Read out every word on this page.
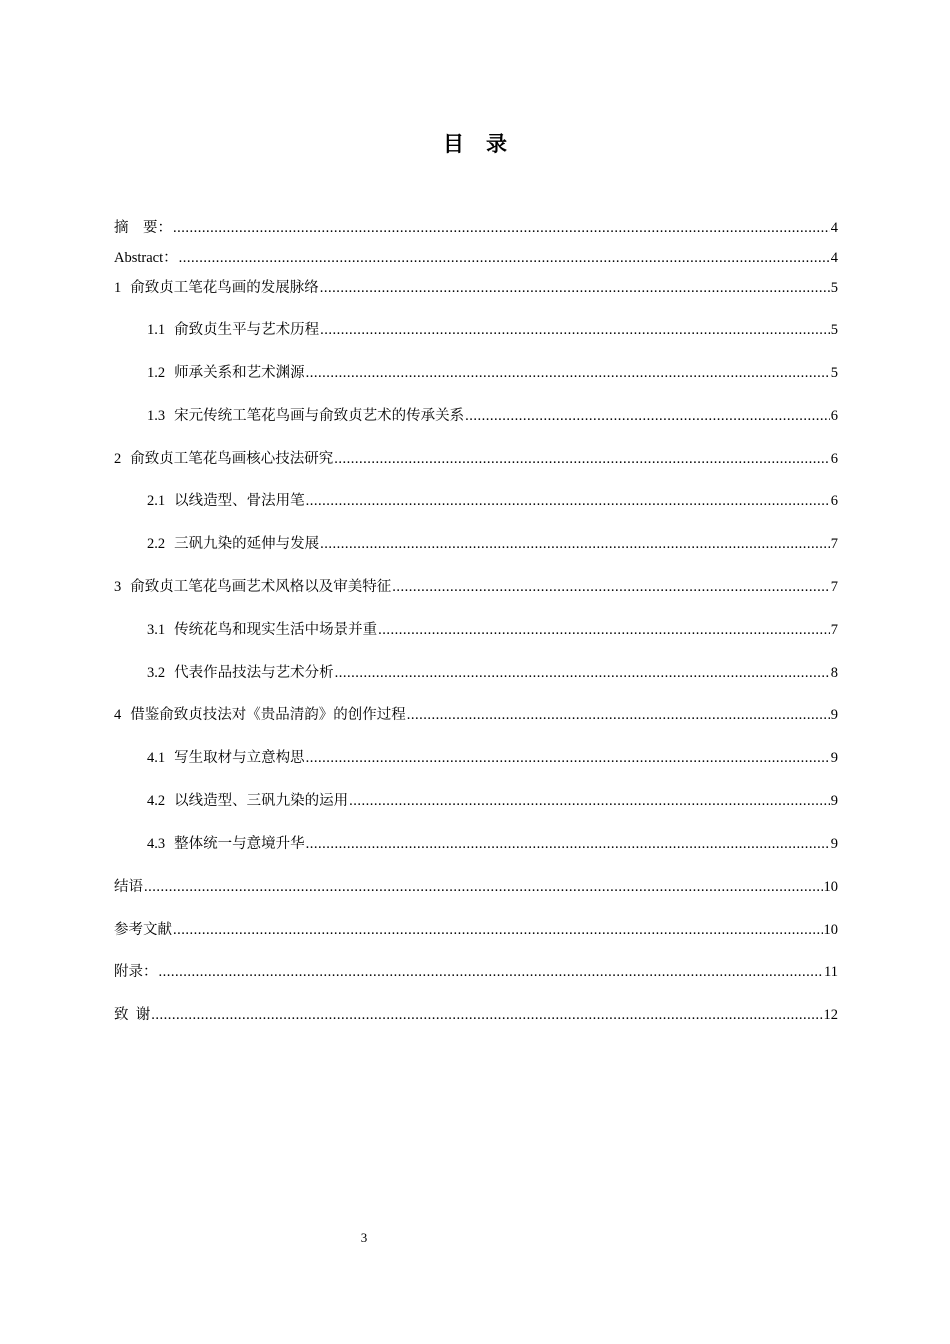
目录
摘　要： .....	4
Abstract： .....	4
1 俞致贞工笔花鸟画的发展脉络 .....	5
1.1 俞致贞生平与艺术历程 .....	5
1.2 师承关系和艺术渊源 .....	5
1.3 宋元传统工笔花鸟画与俞致贞艺术的传承关系 .....	6
2 俞致贞工笔花鸟画核心技法研究 .....	6
2.1 以线造型、骨法用笔 .....	6
2.2 三矾九染的延伸与发展 .....	7
3 俞致贞工笔花鸟画艺术风格以及审美特征 .....	7
3.1 传统花鸟和现实生活中场景并重 .....	7
3.2 代表作品技法与艺术分析 .....	8
4 借鉴俞致贞技法对《贵品清韵》的创作过程 .....	9
4.1 写生取材与立意构思 .....	9
4.2 以线造型、三矾九染的运用 .....	9
4.3 整体统一与意境升华 .....	9
结语 .....	10
参考文献 .....	10
附录： .....	11
致 谢 .....	12
3
